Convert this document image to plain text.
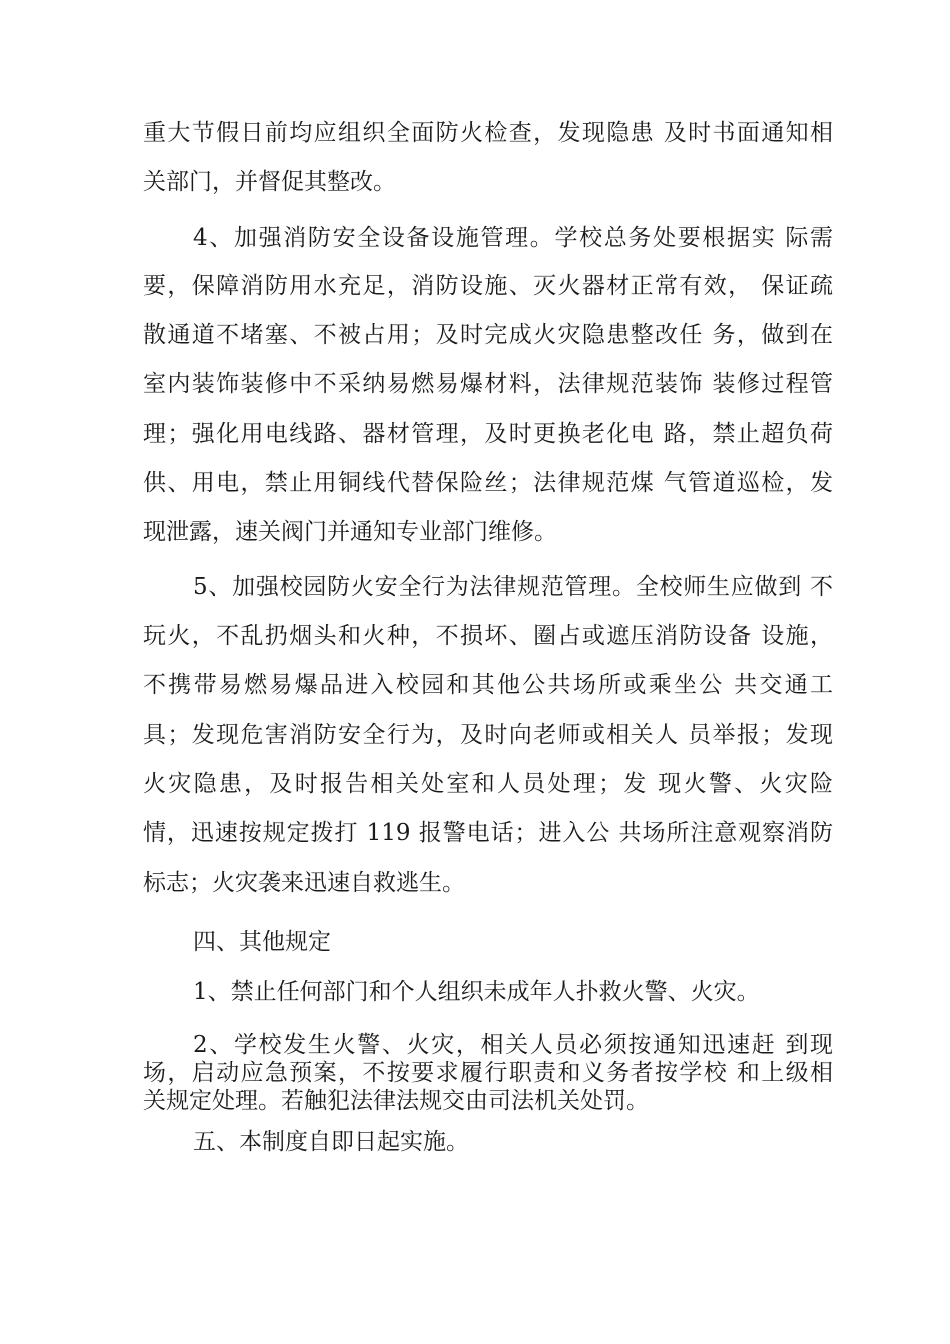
重大节假日前均应组织全面防火检查，发现隐患 及时书面通知相
关部门，并督促其整改。
4、加强消防安全设备设施管理。学校总务处要根据实 际需
要，保障消防用水充足，消防设施、灭火器材正常有效， 保证疏
散通道不堵塞、不被占用；及时完成火灾隐患整改任 务，做到在
室内装饰装修中不采纳易燃易爆材料，法律规范装饰 装修过程管
理；强化用电线路、器材管理，及时更换老化电 路，禁止超负荷
供、用电，禁止用铜线代替保险丝；法律规范煤 气管道巡检，发
现泄露，速关阀门并通知专业部门维修。
5、加强校园防火安全行为法律规范管理。全校师生应做到 不
玩火，不乱扔烟头和火种，不损坏、圈占或遮压消防设备 设施，
不携带易燃易爆品进入校园和其他公共场所或乘坐公 共交通工
具；发现危害消防安全行为，及时向老师或相关人 员举报；发现
火灾隐患，及时报告相关处室和人员处理；发 现火警、火灾险
情，迅速按规定拨打 119 报警电话；进入公 共场所注意观察消防
标志；火灾袭来迅速自救逃生。
四、其他规定
1、禁止任何部门和个人组织未成年人扑救火警、火灾。
2、学校发生火警、火灾，相关人员必须按通知迅速赶 到现
场，启动应急预案，不按要求履行职责和义务者按学校 和上级相
关规定处理。若触犯法律法规交由司法机关处罚。
五、本制度自即日起实施。
